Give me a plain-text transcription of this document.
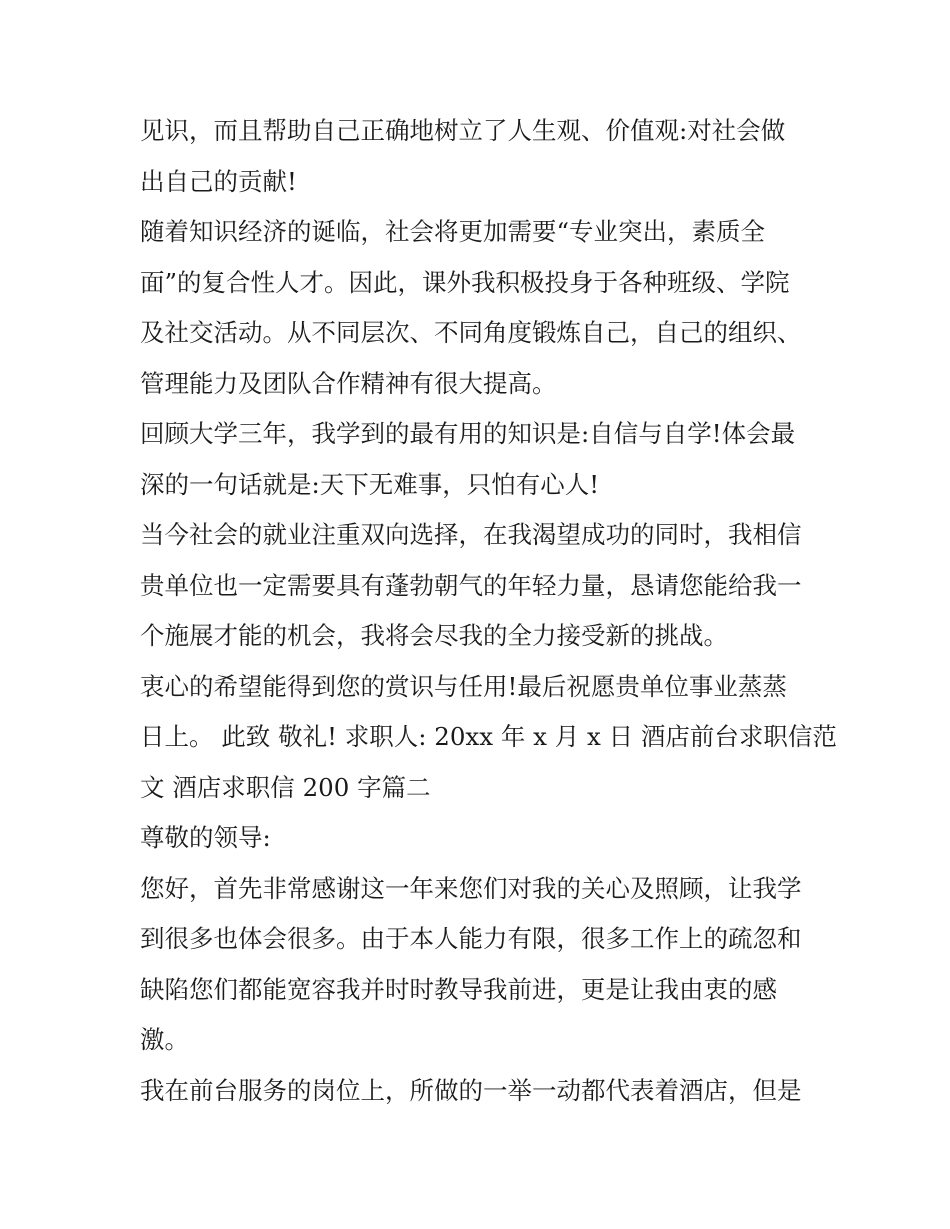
见识，而且帮助自己正确地树立了人生观、价值观:对社会做
出自己的贡献!
随着知识经济的诞临，社会将更加需要“专业突出，素质全
面”的复合性人才。因此，课外我积极投身于各种班级、学院
及社交活动。从不同层次、不同角度锻炼自己，自己的组织、
管理能力及团队合作精神有很大提高。
回顾大学三年，我学到的最有用的知识是:自信与自学!体会最
深的一句话就是:天下无难事，只怕有心人!
当今社会的就业注重双向选择，在我渴望成功的同时，我相信
贵单位也一定需要具有蓬勃朝气的年轻力量，恳请您能给我一
个施展才能的机会，我将会尽我的全力接受新的挑战。
衷心的希望能得到您的赏识与任用!最后祝愿贵单位事业蒸蒸
日上。 此致 敬礼! 求职人: 20xx 年 x 月 x 日 酒店前台求职信范
文 酒店求职信 200 字篇二
尊敬的领导:
您好，首先非常感谢这一年来您们对我的关心及照顾，让我学
到很多也体会很多。由于本人能力有限，很多工作上的疏忽和
缺陷您们都能宽容我并时时教导我前进，更是让我由衷的感
激。
我在前台服务的岗位上，所做的一举一动都代表着酒店，但是
